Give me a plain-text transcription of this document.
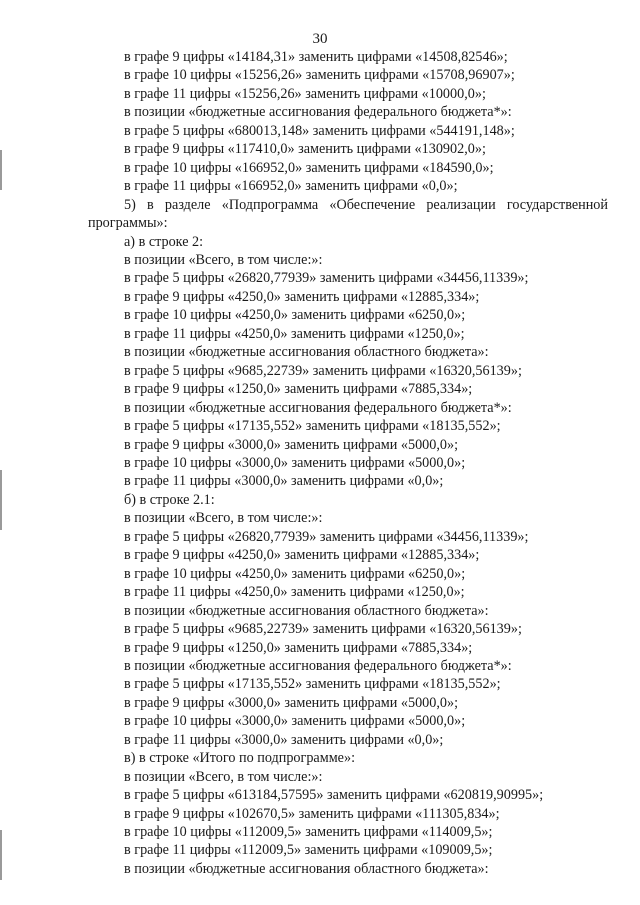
30
в графе 9 цифры «14184,31» заменить цифрами «14508,82546»;
в графе 10 цифры «15256,26» заменить цифрами «15708,96907»;
в графе 11 цифры «15256,26» заменить цифрами «10000,0»;
в позиции «бюджетные ассигнования федерального бюджета*»:
в графе 5 цифры «680013,148» заменить цифрами «544191,148»;
в графе 9 цифры «117410,0» заменить цифрами «130902,0»;
в графе 10 цифры «166952,0» заменить цифрами «184590,0»;
в графе 11 цифры «166952,0» заменить цифрами «0,0»;
5) в разделе «Подпрограмма «Обеспечение реализации государственной программы»:
а) в строке 2:
в позиции «Всего, в том числе:»:
в графе 5 цифры «26820,77939» заменить цифрами «34456,11339»;
в графе 9 цифры «4250,0» заменить цифрами «12885,334»;
в графе 10 цифры «4250,0» заменить цифрами «6250,0»;
в графе 11 цифры «4250,0» заменить цифрами «1250,0»;
в позиции «бюджетные ассигнования областного бюджета»:
в графе 5 цифры «9685,22739» заменить цифрами «16320,56139»;
в графе 9 цифры «1250,0» заменить цифрами «7885,334»;
в позиции «бюджетные ассигнования федерального бюджета*»:
в графе 5 цифры «17135,552» заменить цифрами «18135,552»;
в графе 9 цифры «3000,0» заменить цифрами «5000,0»;
в графе 10 цифры «3000,0» заменить цифрами «5000,0»;
в графе 11 цифры «3000,0» заменить цифрами «0,0»;
б) в строке 2.1:
в позиции «Всего, в том числе:»:
в графе 5 цифры «26820,77939» заменить цифрами «34456,11339»;
в графе 9 цифры «4250,0» заменить цифрами «12885,334»;
в графе 10 цифры «4250,0» заменить цифрами «6250,0»;
в графе 11 цифры «4250,0» заменить цифрами «1250,0»;
в позиции «бюджетные ассигнования областного бюджета»:
в графе 5 цифры «9685,22739» заменить цифрами «16320,56139»;
в графе 9 цифры «1250,0» заменить цифрами «7885,334»;
в позиции «бюджетные ассигнования федерального бюджета*»:
в графе 5 цифры «17135,552» заменить цифрами «18135,552»;
в графе 9 цифры «3000,0» заменить цифрами «5000,0»;
в графе 10 цифры «3000,0» заменить цифрами «5000,0»;
в графе 11 цифры «3000,0» заменить цифрами «0,0»;
в) в строке «Итого по подпрограмме»:
в позиции «Всего, в том числе:»:
в графе 5 цифры «613184,57595» заменить цифрами «620819,90995»;
в графе 9 цифры «102670,5» заменить цифрами «111305,834»;
в графе 10 цифры «112009,5» заменить цифрами «114009,5»;
в графе 11 цифры «112009,5» заменить цифрами «109009,5»;
в позиции «бюджетные ассигнования областного бюджета»:
